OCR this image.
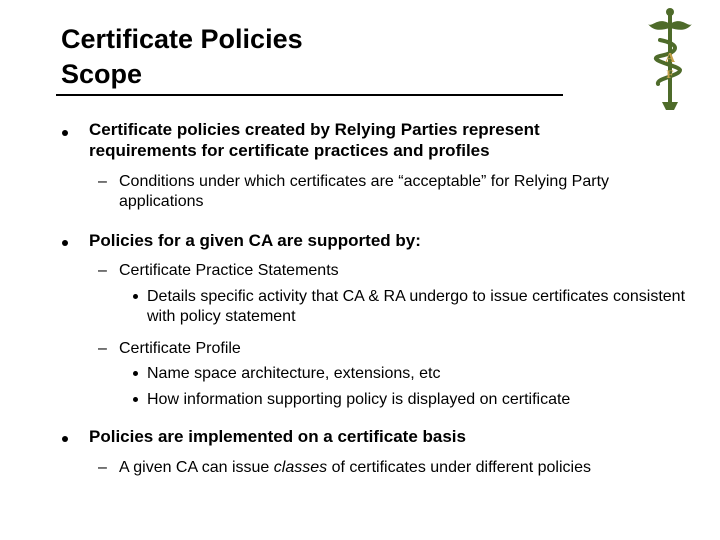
Certificate Policies
Scope
A
F
Certificate policies created by Relying Parties represent requirements for certificate practices and profiles
– Conditions under which certificates are “acceptable” for Relying Party applications
Policies for a given CA are supported by:
– Certificate Practice Statements
Details specific activity that CA & RA undergo to issue certificates consistent with policy statement
– Certificate Profile
Name space architecture, extensions, etc
How information supporting policy is displayed on certificate
Policies are implemented on a certificate basis
– A given CA can issue classes of certificates under different policies
